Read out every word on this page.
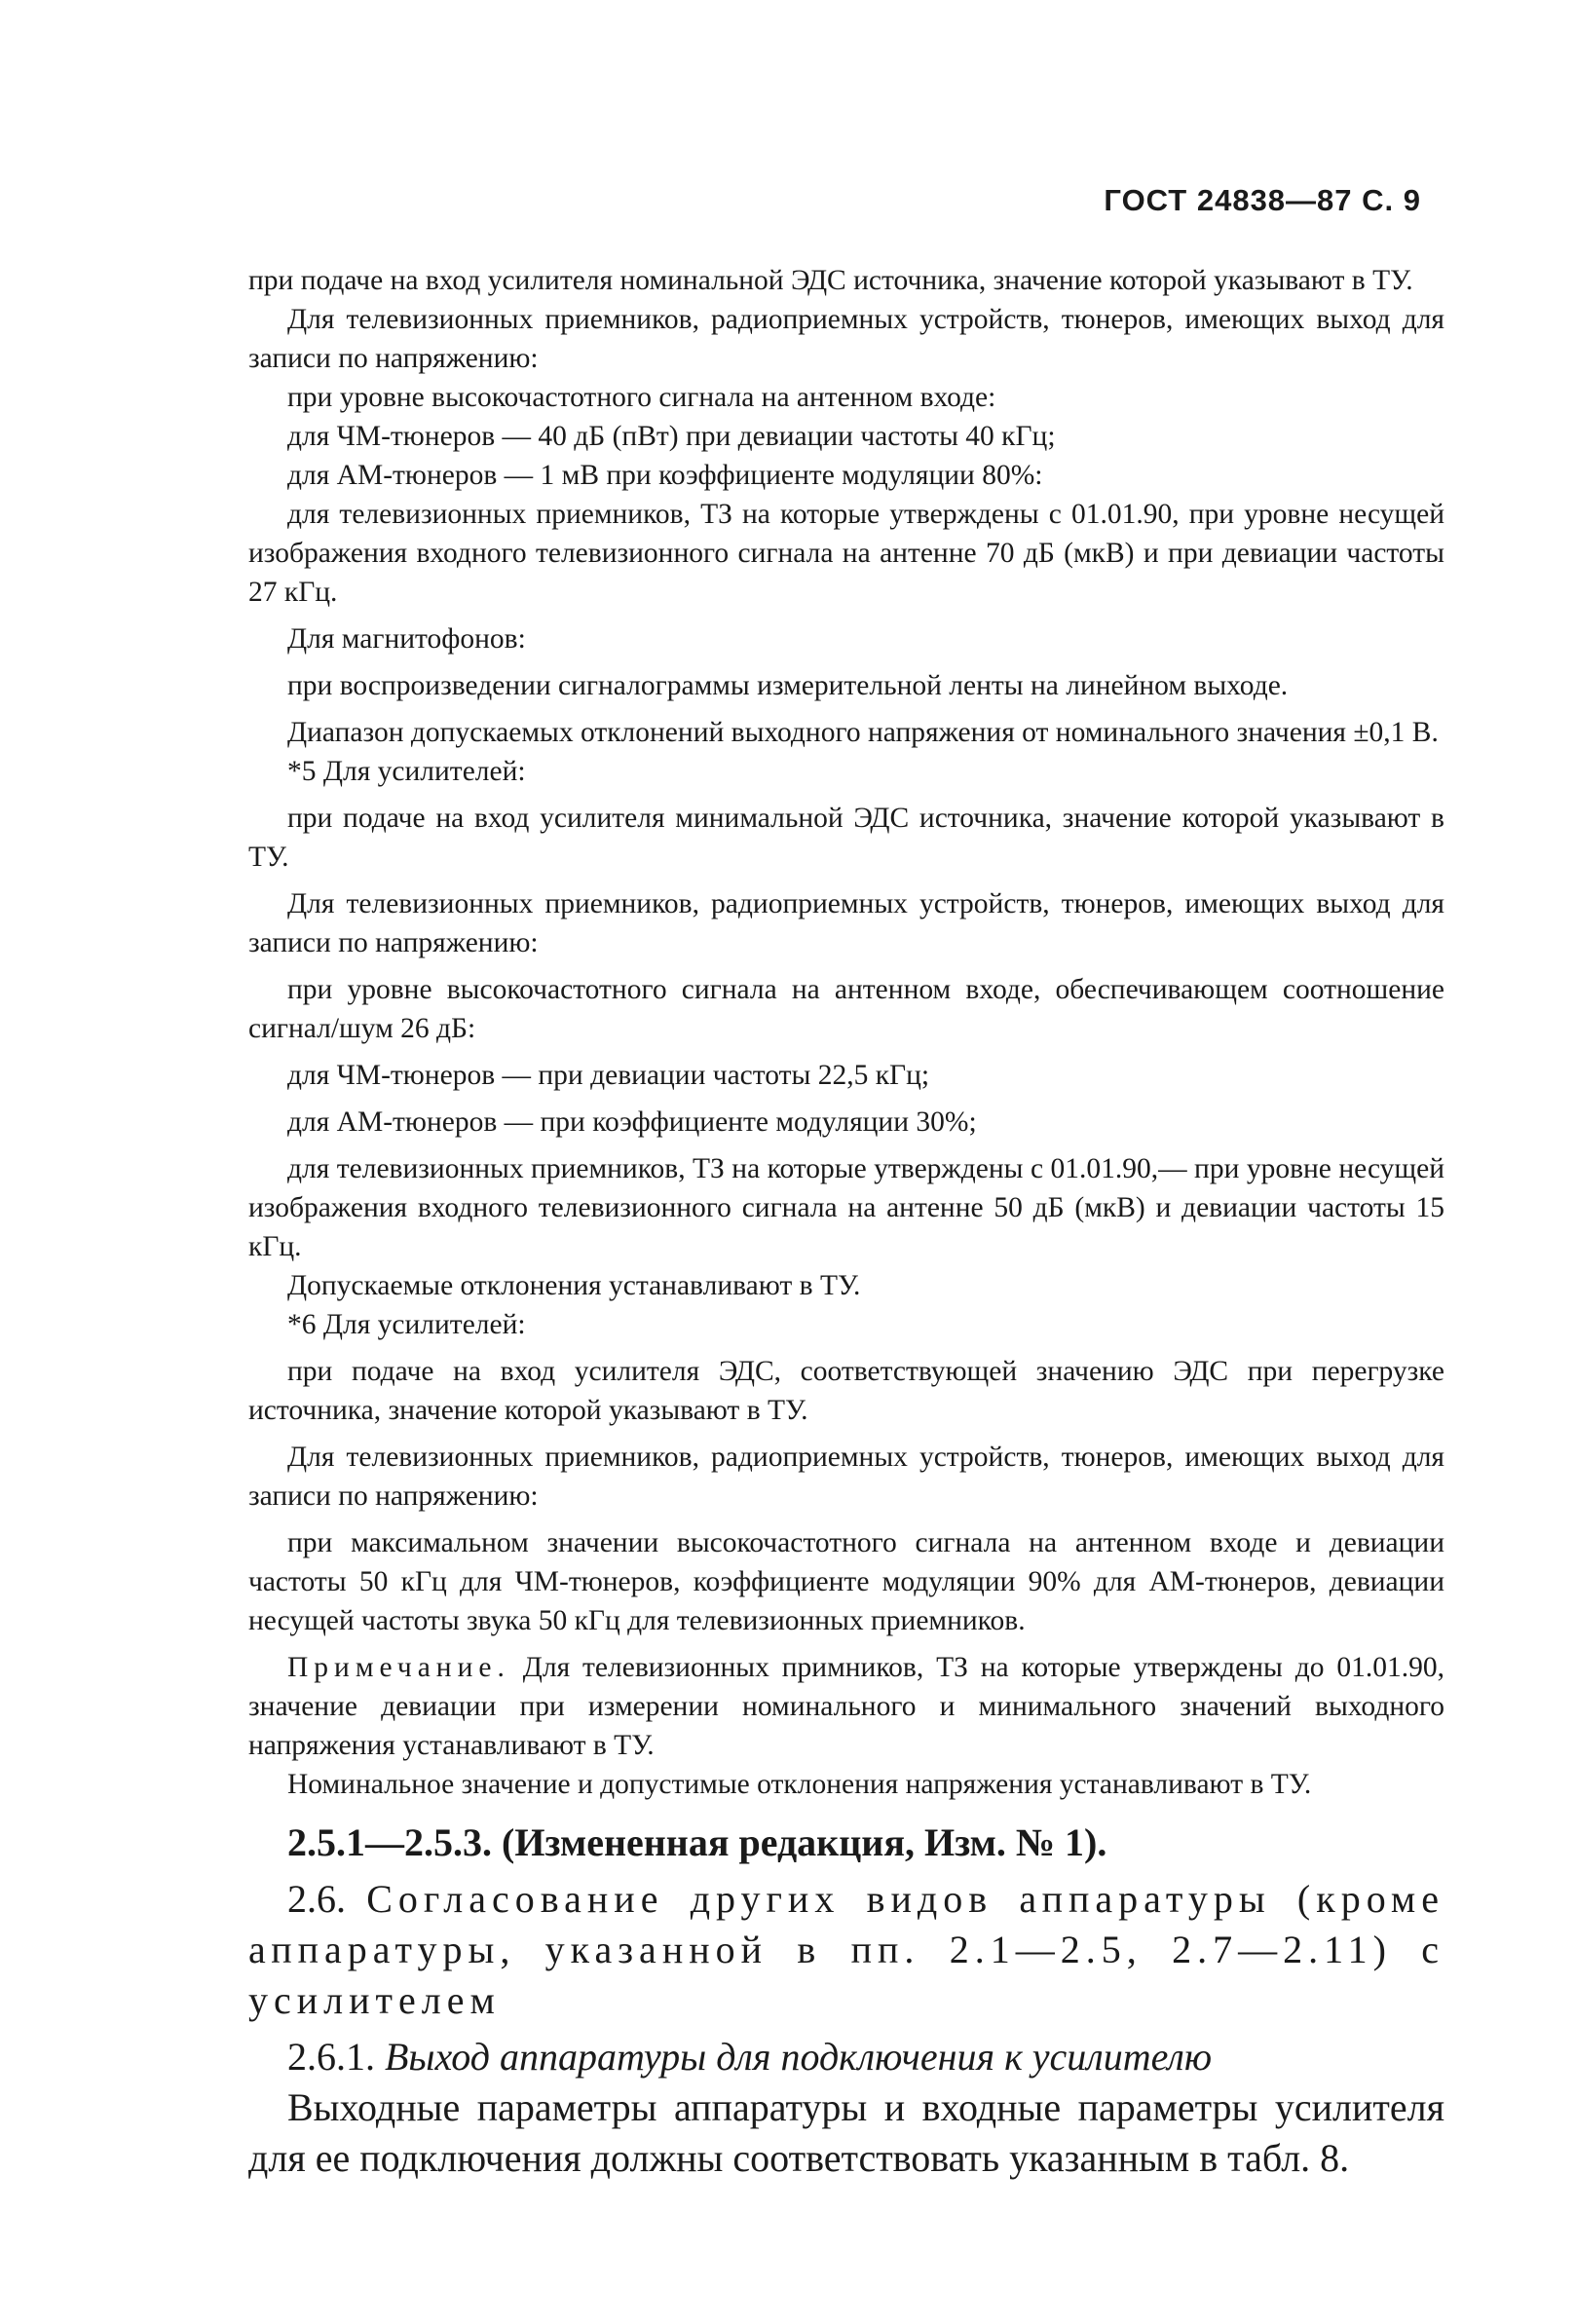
ГОСТ 24838—87 С. 9

при подаче на вход усилителя номинальной ЭДС источника, значение которой указывают в ТУ.

Для телевизионных приемников, радиоприемных устройств, тюнеров, имеющих выход для записи по напряжению:

при уровне высокочастотного сигнала на антенном входе:

для ЧМ-тюнеров — 40 дБ (пВт) при девиации частоты 40 кГц;

для АМ-тюнеров — 1 мВ при коэффициенте модуляции 80%:

для телевизионных приемников, ТЗ на которые утверждены с 01.01.90, при уровне несущей изображения входного телевизионного сигнала на антенне 70 дБ (мкВ) и при девиации частоты 27 кГц.

Для магнитофонов:

при воспроизведении сигналограммы измерительной ленты на линейном выходе.

Диапазон допускаемых отклонений выходного напряжения от номинального значения ±0,1 В.

*5 Для усилителей:

при подаче на вход усилителя минимальной ЭДС источника, значение которой указывают в ТУ.

Для телевизионных приемников, радиоприемных устройств, тюнеров, имеющих выход для записи по напряжению:

при уровне высокочастотного сигнала на антенном входе, обеспечивающем соотношение сигнал/шум 26 дБ:

для ЧМ-тюнеров — при девиации частоты 22,5 кГц;

для АМ-тюнеров — при коэффициенте модуляции 30%;

для телевизионных приемников, ТЗ на которые утверждены с 01.01.90,— при уровне несущей изображения входного телевизионного сигнала на антенне 50 дБ (мкВ) и девиации частоты 15 кГц.

Допускаемые отклонения устанавливают в ТУ.

*6 Для усилителей:

при подаче на вход усилителя ЭДС, соответствующей значению ЭДС при перегрузке источника, значение которой указывают в ТУ.

Для телевизионных приемников, радиоприемных устройств, тюнеров, имеющих выход для записи по напряжению:

при максимальном значении высокочастотного сигнала на антенном входе и девиации частоты 50 кГц для ЧМ-тюнеров, коэффициенте модуляции 90% для АМ-тюнеров, девиации несущей частоты звука 50 кГц для телевизионных приемников.

Примечание. Для телевизионных примников, ТЗ на которые утверждены до 01.01.90, значение девиации при измерении номинального и минимального значений выходного напряжения устанавливают в ТУ.

Номинальное значение и допустимые отклонения напряжения устанавливают в ТУ.

2.5.1—2.5.3. (Измененная редакция, Изм. № 1).

2.6. Согласование других видов аппаратуры (кроме аппаратуры, указанной в пп. 2.1—2.5, 2.7—2.11) с усилителем

2.6.1. Выход аппаратуры для подключения к усилителю

Выходные параметры аппаратуры и входные параметры усилителя для ее подключения должны соответствовать указанным в табл. 8.
